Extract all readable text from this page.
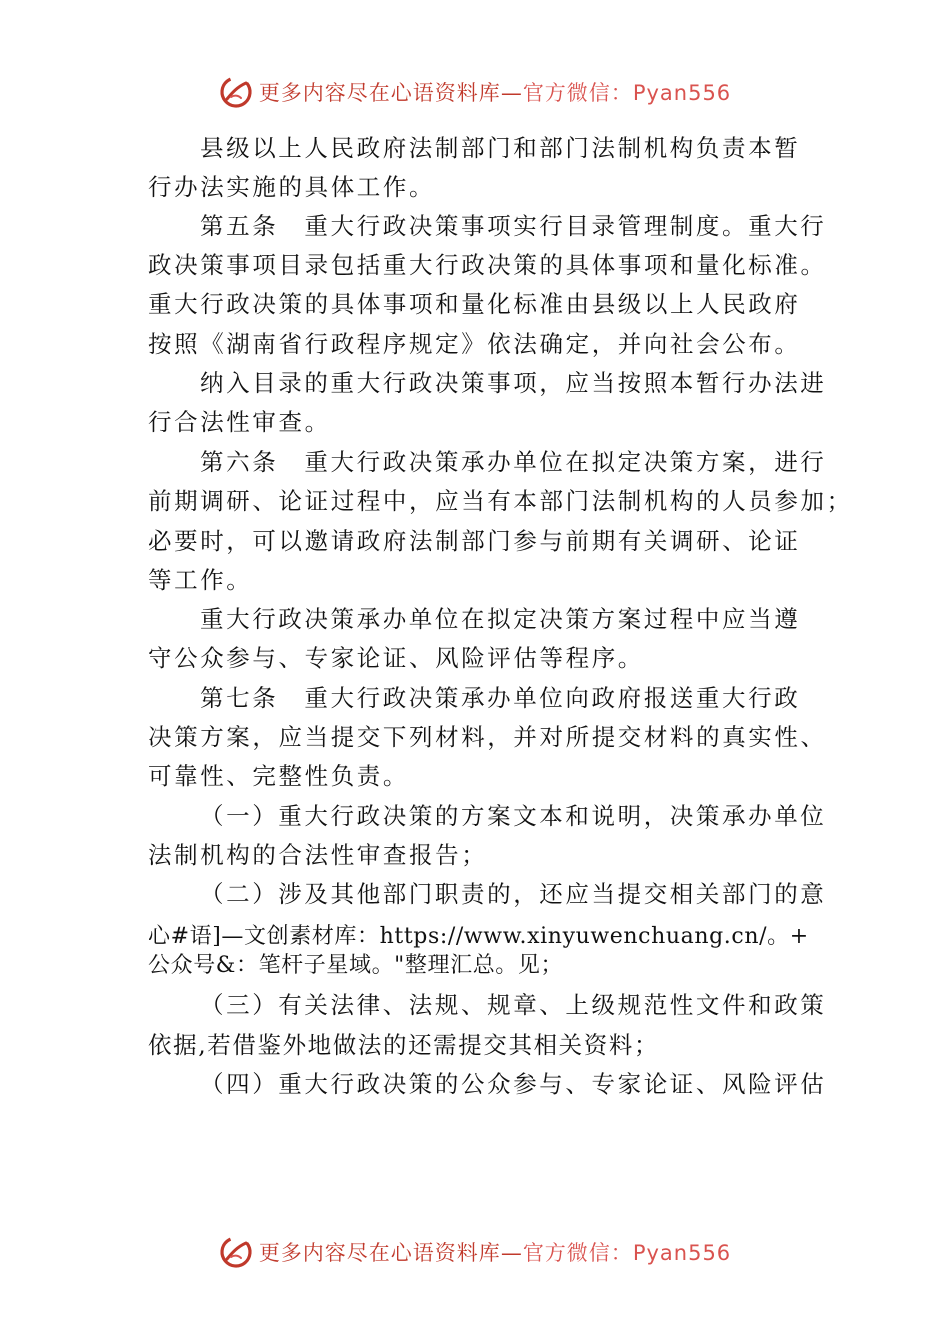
更多内容尽在心语资料库—官方微信：Pyan556
县级以上人民政府法制部门和部门法制机构负责本暂
行办法实施的具体工作。
第五条　重大行政决策事项实行目录管理制度。重大行
政决策事项目录包括重大行政决策的具体事项和量化标准。
重大行政决策的具体事项和量化标准由县级以上人民政府
按照《湖南省行政程序规定》依法确定，并向社会公布。
纳入目录的重大行政决策事项，应当按照本暂行办法进
行合法性审查。
第六条　重大行政决策承办单位在拟定决策方案，进行
前期调研、论证过程中，应当有本部门法制机构的人员参加；
必要时，可以邀请政府法制部门参与前期有关调研、论证
等工作。
重大行政决策承办单位在拟定决策方案过程中应当遵
守公众参与、专家论证、风险评估等程序。
第七条　重大行政决策承办单位向政府报送重大行政
决策方案，应当提交下列材料，并对所提交材料的真实性、
可靠性、完整性负责。
（一）重大行政决策的方案文本和说明，决策承办单位
法制机构的合法性审查报告；
（二）涉及其他部门职责的，还应当提交相关部门的意
心#语]—文创素材库：https://www.xinyuwenchuang.cn/。+
公众号&：笔杆子星域。"整理汇总。见；
（三）有关法律、法规、规章、上级规范性文件和政策
依据,若借鉴外地做法的还需提交其相关资料；
（四）重大行政决策的公众参与、专家论证、风险评估
更多内容尽在心语资料库—官方微信：Pyan556
